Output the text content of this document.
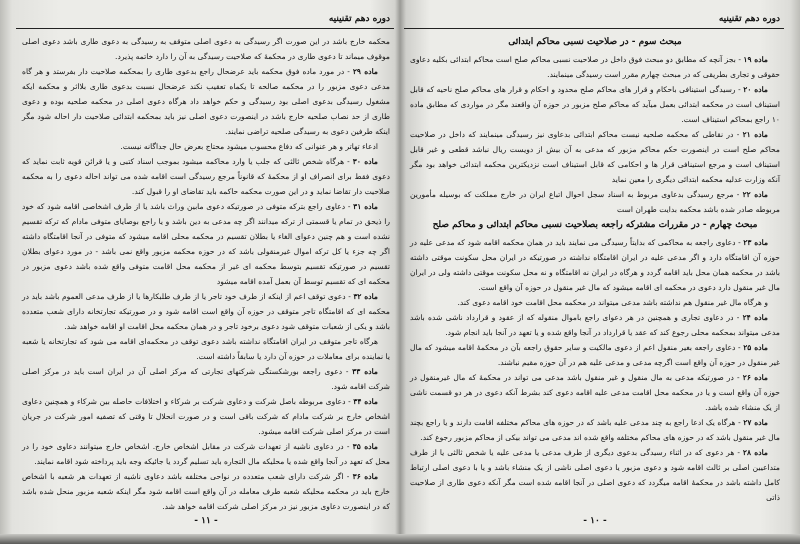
دوره دهم تقنینیه

محکمه خارج باشد در این صورت اگر رسیدگی به دعوی اصلی متوقف به رسیدگی به دعوی طاری باشد دعوی اصلی موقوف میماند تا دعوی طاری در محکمهٔ که صلاحیت رسیدگی به آن را دارد خاتمه پذیرد.

ماده ۲۹ - در مورد ماده فوق محکمه باید عرضحال راجع بدعوی طاری را بمحکمه صلاحیت دار بفرستد و هر گاه مدعی دعوی مزبور را در محکمه صالحه تا یکماه تعقیب نکند عرضحال نسبت بدعوی طاری بلااثر و محکمه ایکه مشغول رسیدگی بدعوی اصلی بود رسیدگی و حکم خواهد داد هرگاه دعوی اصلی در محکمه صلحیه بوده و دعوی طاری از حد نصاب صلحیه خارج باشد در اینصورت دعوی اصلی نیز باید بمحکمه ابتدائی صلاحیت دار احاله شود مگر اینکه طرفین دعوی به رسیدگی صلحیه تراضی نمایند.

ادعاء تهاتر و هر عنوانی که دفاع محسوب میشود محتاج بعرض حال جداگانه نیست.

ماده ۳۰ - هرگاه شخص ثالثی که جلب یا وارد محاکمه میشود بموجب اسناد کتبی و یا قرائن قویه ثابت نماید که دعوی فقط برای انصراف او از محکمهٔ که قانوناً مرجع رسیدگی است اقامه شده می تواند احاله دعوی را به محکمه صلاحیت دار تقاضا نماید و در این صورت محکمه حاکمه باید تقاضای او را قبول کند.

ماده ۳۱ - دعاوی راجع بترکه متوفی در صورتیکه دعوی مابین وراث باشد یا از طرف اشخاصی اقامه شود که خود را ذیحق در تمام یا قسمتی از ترکه میدانند اگر چه مدعی به دین باشد و یا راجع بوصایای متوفی مادام که ترکه تقسیم نشده است و هم چنین دعوای الغاء یا بطلان تقسیم در محکمه محلی اقامه میشود که متوفی در آنجا اقامتگاه داشته اگر چه جزء یا کل ترکه اموال غیرمنقولی باشد که در حوزه محکمه مزبور واقع نمی باشد - در مورد دعوای بطلان تقسیم در صورتیکه تقسیم بتوسط محکمه ای غیر از محکمه محل اقامت متوفی واقع شده باشد دعوی مزبور در محکمه ای که تقسیم توسط آن بعمل آمده اقامه میشود

ماده ۳۲ - دعوی توقف اعم از اینکه از طرف خود تاجر یا از طرف طلبکارها یا از طرف مدعی العموم باشد باید در محکمه ای که اقامتگاه تاجر متوقف در حوزه آن واقع است اقامه شود و در صورتیکه تجارتخانه دارای شعب متعدده باشد و یکی از شعبات متوقف شود دعوی برخود تاجر و در همان محکمه محل اقامت او اقامه خواهد شد.

هرگاه تاجر متوقف در ایران اقامتگاه نداشته باشد دعوی توقف در محکمه‌ای اقامه می شود که تجارتخانه یا شعبه یا نماینده برای معاملات در حوزه آن دارد یا سابقاً داشته است.

ماده ۳۳ - دعوی راجعه بورشکستگی شرکتهای تجارتی که مرکز اصلی آن در ایران است باید در مرکز اصلی شرکت اقامه شود.

ماده ۳۴ - دعاوی مربوطه باصل شرکت و دعاوی شرکت بر شرکاء و اختلافات حاصله بین شرکاء و همچنین دعاوی اشخاص خارج بر شرکت مادام که شرکت باقی است و در صورت انحلال تا وقتی که تصفیه امور شرکت در جریان است در مرکز اصلی شرکت اقامه میشود.

ماده ۳۵ - در دعاوی ناشیه از تعهدات شرکت در مقابل اشخاص خارج. اشخاص خارج میتوانند دعاوی خود را در محل که تعهد در آنجا واقع شده یا محلیکه مال التجاره باید تسلیم گردد یا جائیکه وجه باید پرداخته شود اقامه نمایند.

ماده ۳۶ - اگر شرکت دارای شعب متعدده در نواحی مختلفه باشد دعاوی ناشیه از تعهدات هر شعبه با اشخاص خارج باید در محکمه محلیکه شعبه طرف معامله در آن واقع است اقامه شود مگر اینکه شعبه مزبور منحل شده باشد که در اینصورت دعاوی مزبور نیز در مرکز اصلی شرکت اقامه خواهد شد.

- ۱۱ -
دوره دهم تقنینیه
مبحث سوم - در صلاحیت نسبی محاکم ابتدائی

ماده ۱۹ - بجز آنچه که مطابق دو مبحث فوق داخل در صلاحیت نسبی محاکم صلح است محاکم ابتدائی بکلیه دعاوی حقوقی و تجاری بطریقی که در مبحث چهارم مقرر است رسیدگی مینمایند.

ماده ۲۰ - رسیدگی استینافی باحکام و قرار های محاکم صلح محدود و احکام و قرار های محاکم صلح ناحیه که قابل استیناف است در محکمه ابتدائی بعمل میآید که محاکم صلح مزبور در حوزه آن واقعند مگر در مواردی که مطابق ماده ۱۰ راجع بمحاکم استیناف است.

ماده ۲۱ - در نقاطی که محکمه صلحیه نیست محاکم ابتدائی بدعاوی نیز رسیدگی مینمایند که داخل در صلاحیت محاکم صلح است در اینصورت حکم محاکم مزبور که مدعی به آن بیش از دویست ریال نباشد قطعی و غیر قابل استیناف است و مرجع استینافی قرار ها و احکامی که قابل استیناف است نزدیکترین محکمه ابتدائی خواهد بود مگر آنکه وزارت عدلیه محکمه ابتدائی دیگری را معین نماید

ماده ۲۲ - مرجع رسیدگی بدعاوی مربوط به اسناد سجل احوال اتباع ایران در خارج مملکت که بوسیله مأمورین مربوطه صادر شده باشد محکمه بدایت طهران است

مبحث چهارم - در مقررات مشترکه راجعه بصلاحیت نسبی محاکم ابتدائی و محاکم صلح

ماده ۲۳ - دعاوی راجعه به محاکمی که بدایتاً رسیدگی می نمایند باید در همان محکمه اقامه شود که مدعی علیه در حوزه آن اقامتگاه دارد و اگر مدعی علیه در ایران اقامتگاه نداشته در صورتیکه در ایران محل سکونت موقتی داشته باشد در محکمه همان محل باید اقامه گردد و هرگاه در ایران نه اقامتگاه و نه محل سکونت موقتی داشته ولی در ایران مال غیر منقول دارد دعوی در محکمه ای اقامه میشود که مال غیر منقول در حوزه آن واقع است.

و هرگاه مال غیر منقول هم نداشته باشد مدعی میتواند در محکمه محل اقامت خود اقامه دعوی کند.

ماده ۲۴ - در دعاوی تجاری و همچنین در هر دعوای راجع باموال منقوله که از عقود و قرارداد ناشی شده باشد مدعی میتواند بمحکمه محلی رجوع کند که عقد یا قرارداد در آنجا واقع شده و یا تعهد در آنجا باید انجام شود.

ماده ۲۵ - دعاوی راجعه بغیر منقول اعم از دعوی مالکیت و سایر حقوق راجعه بآن در محکمهٔ اقامه میشود که مال غیر منقول در حوزه آن واقع است اگرچه مدعی و مدعی علیه هم در آن حوزه مقیم نباشند.

ماده ۲۶ - در صورتیکه مدعی به مال منقول و غیر منقول باشد مدعی می تواند در محکمهٔ که مال غیرمنقول در حوزه آن واقع است و یا در محکمه محل اقامت مدعی علیه اقامه دعوی کند بشرط آنکه دعوی در هر دو قسمت ناشی از یک منشاء شده باشد.

ماده ۲۷ - هرگاه یک ادعا راجع به چند مدعی علیه باشد که در حوزه های محاکم مختلفه اقامت دارند و یا راجع بچند مال غیر منقول باشد که در حوزه های محاکم مختلفه واقع شده اند مدعی می تواند بیکی از محاکم مزبور رجوع کند.

ماده ۲۸ - هر دعوی که در اثناء رسیدگی بدعوی دیگری از طرف مدعی یا مدعی علیه یا شخص ثالثی یا از طرف متداعیین اصلی بر ثالث اقامه شود و دعوی مزبور یا دعوی اصلی ناشی از یک منشاء باشد و یا با دعوی اصلی ارتباط کامل داشته باشد در محکمهٔ اقامه میگردد که دعوی اصلی در آنجا اقامه شده است مگر آنکه دعوی طاری از صلاحیت ذاتی

- ۱۰ -
